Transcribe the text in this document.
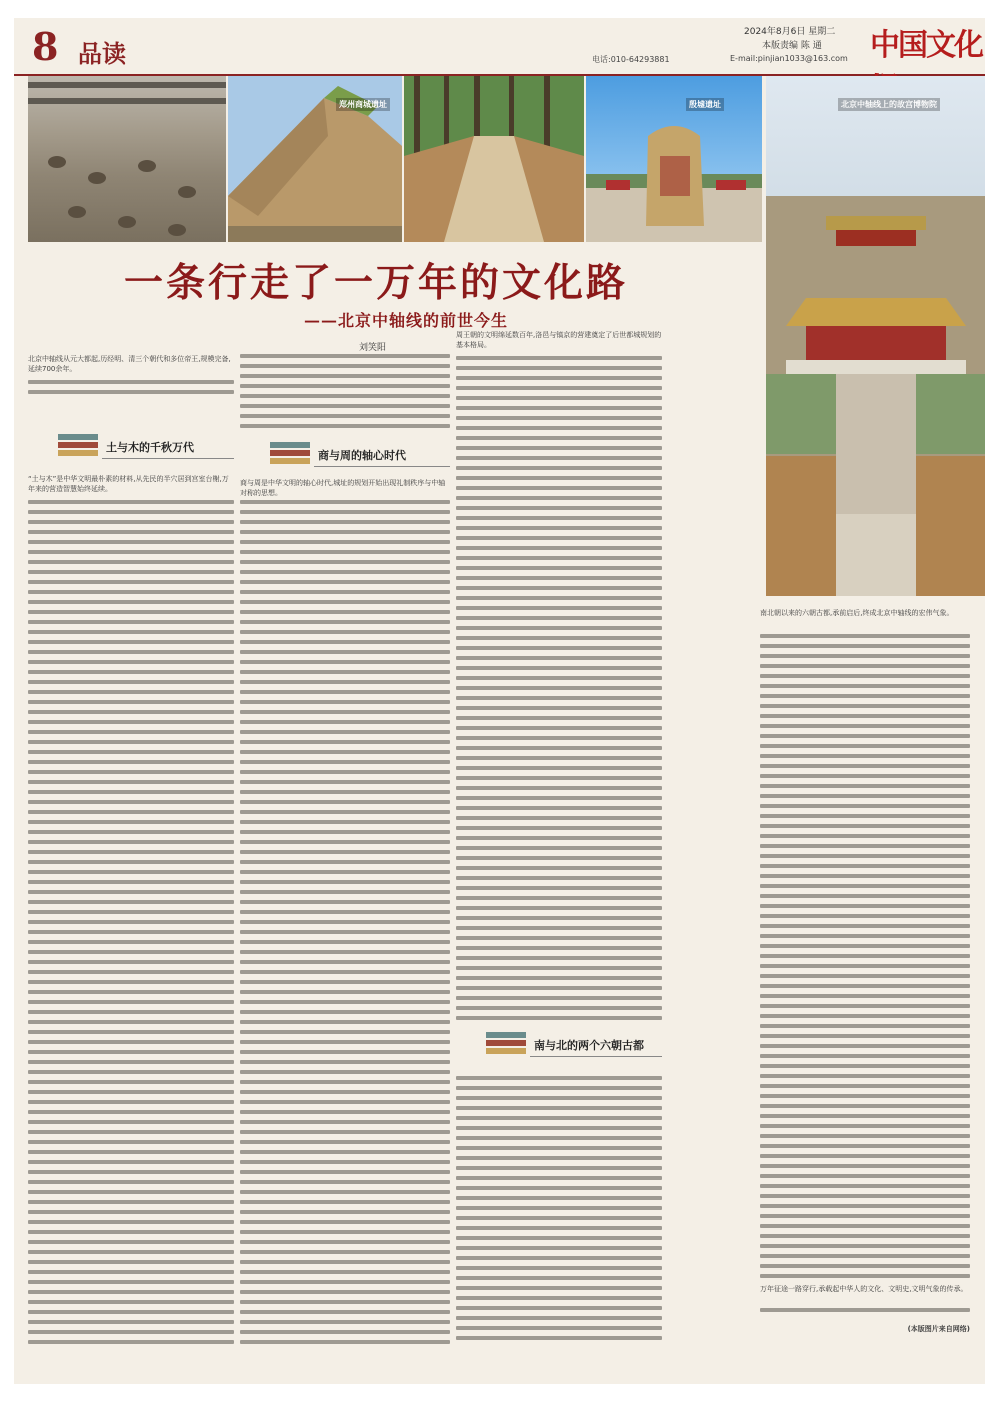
8 品读
2024年8月6日 星期二
本版责编 陈 通
电话:010-64293881	E-mail:pinjian1033@163.com 中国文化
郑州商城遗址	殷墟遗址	北京中轴线上的故宫博物院
一条行走了一万年的文化路
——北京中轴线的前世今生
刘笑阳
北京中轴线从元大都起,历经明、清三个朝代和多位帝王,规模完备,延续700余年。
土与木的千秋万代
“土与木”是中华文明最朴素的材料,从先民的半穴居到宫室台榭,万年来的营造智慧始终延续。
商与周的轴心时代
商与周是中华文明的轴心时代,城址的规划开始出现礼制秩序与中轴对称的思想。
周王朝的文明绵延数百年,洛邑与镐京的营建奠定了后世都城规划的基本格局。
南与北的两个六朝古都
南北朝以来的六朝古都,承前启后,终成北京中轴线的宏伟气象。
万年征途一路穿行,承载起中华人的文化、文明史,文明气象的传承。
(本版图片来自网络)
